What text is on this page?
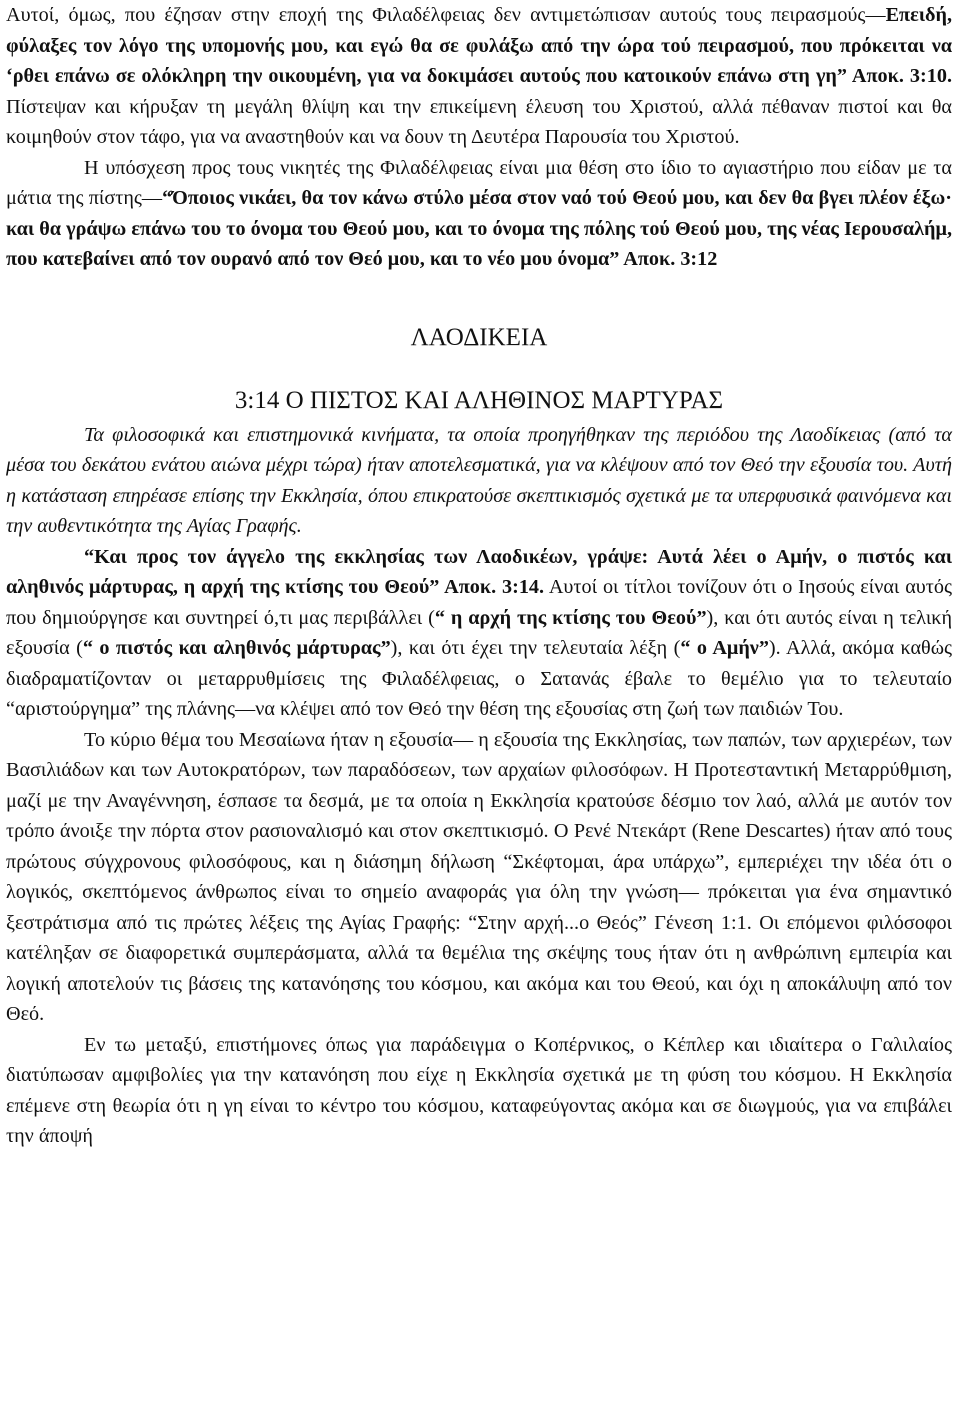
Αυτοί, όμως, που έζησαν στην εποχή της Φιλαδέλφειας δεν αντιμετώπισαν αυτούς τους πειρασμούς—Επειδή, φύλαξες τον λόγο της υπομονής μου, και εγώ θα σε φυλάξω από την ώρα τού πειρασμού, που πρόκειται να ‘ρθει επάνω σε ολόκληρη την οικουμένη, για να δοκιμάσει αυτούς που κατοικούν επάνω στη γη” Αποκ. 3:10. Πίστεψαν και κήρυξαν τη μεγάλη θλίψη και την επικείμενη έλευση του Χριστού, αλλά πέθαναν πιστοί και θα κοιμηθούν στον τάφο, για να αναστηθούν και να δουν τη Δευτέρα Παρουσία του Χριστού.

Η υπόσχεση προς τους νικητές της Φιλαδέλφειας είναι μια θέση στο ίδιο το αγιαστήριο που είδαν με τα μάτια της πίστης—“Όποιος νικάει, θα τον κάνω στύλο μέσα στον ναό τού Θεού μου, και δεν θα βγει πλέον έξω· και θα γράψω επάνω του το όνομα του Θεού μου, και το όνομα της πόλης τού Θεού μου, της νέας Ιερουσαλήμ, που κατεβαίνει από τον ουρανό από τον Θεό μου, και το νέο μου όνομα” Αποκ. 3:12

ΛΑΟΔΙΚΕΙΑ

3:14 Ο ΠΙΣΤΟΣ ΚΑΙ ΑΛΗΘΙΝΟΣ ΜΑΡΤΥΡΑΣ

Τα φιλοσοφικά και επιστημονικά κινήματα, τα οποία προηγήθηκαν της περιόδου της Λαοδίκειας (από τα μέσα του δεκάτου ενάτου αιώνα μέχρι τώρα) ήταν αποτελεσματικά, για να κλέψουν από τον Θεό την εξουσία του. Αυτή η κατάσταση επηρέασε επίσης την Εκκλησία, όπου επικρατούσε σκεπτικισμός σχετικά με τα υπερφυσικά φαινόμενα και την αυθεντικότητα της Αγίας Γραφής.

“Και προς τον άγγελο της εκκλησίας των Λαοδικέων, γράψε: Αυτά λέει ο Αμήν, ο πιστός και αληθινός μάρτυρας, η αρχή της κτίσης του Θεού” Αποκ. 3:14. Αυτοί οι τίτλοι τονίζουν ότι ο Ιησούς είναι αυτός που δημιούργησε και συντηρεί ό,τι μας περιβάλλει (“ η αρχή της κτίσης του Θεού”), και ότι αυτός είναι η τελική εξουσία (“ ο πιστός και αληθινός μάρτυρας”), και ότι έχει την τελευταία λέξη (“ ο Αμήν”). Αλλά, ακόμα καθώς διαδραματίζονταν οι μεταρρυθμίσεις της Φιλαδέλφειας, ο Σατανάς έβαλε το θεμέλιο για το τελευταίο “αριστούργημα” της πλάνης—να κλέψει από τον Θεό την θέση της εξουσίας στη ζωή των παιδιών Του.

Το κύριο θέμα του Μεσαίωνα ήταν η εξουσία— η εξουσία της Εκκλησίας, των παπών, των αρχιερέων, των Βασιλιάδων και των Αυτοκρατόρων, των παραδόσεων, των αρχαίων φιλοσόφων. Η Προτεσταντική Μεταρρύθμιση, μαζί με την Αναγέννηση, έσπασε τα δεσμά, με τα οποία η Εκκλησία κρατούσε δέσμιο τον λαό, αλλά με αυτόν τον τρόπο άνοιξε την πόρτα στον ρασιοναλισμό και στον σκεπτικισμό. Ο Ρενέ Ντεκάρτ (Rene Descartes) ήταν από τους πρώτους σύγχρονους φιλοσόφους, και η διάσημη δήλωση “Σκέφτομαι, άρα υπάρχω”, εμπεριέχει την ιδέα ότι ο λογικός, σκεπτόμενος άνθρωπος είναι το σημείο αναφοράς για όλη την γνώση— πρόκειται για ένα σημαντικό ξεστράτισμα από τις πρώτες λέξεις της Αγίας Γραφής: “Στην αρχή...ο Θεός” Γένεση 1:1. Οι επόμενοι φιλόσοφοι κατέληξαν σε διαφορετικά συμπεράσματα, αλλά τα θεμέλια της σκέψης τους ήταν ότι η ανθρώπινη εμπειρία και λογική αποτελούν τις βάσεις της κατανόησης του κόσμου, και ακόμα και του Θεού, και όχι η αποκάλυψη από τον Θεό.

Εν τω μεταξύ, επιστήμονες όπως για παράδειγμα ο Κοπέρνικος, ο Κέπλερ και ιδιαίτερα ο Γαλιλαίος διατύπωσαν αμφιβολίες για την κατανόηση που είχε η Εκκλησία σχετικά με τη φύση του κόσμου. Η Εκκλησία επέμενε στη θεωρία ότι η γη είναι το κέντρο του κόσμου, καταφεύγοντας ακόμα και σε διωγμούς, για να επιβάλει την άποψή
